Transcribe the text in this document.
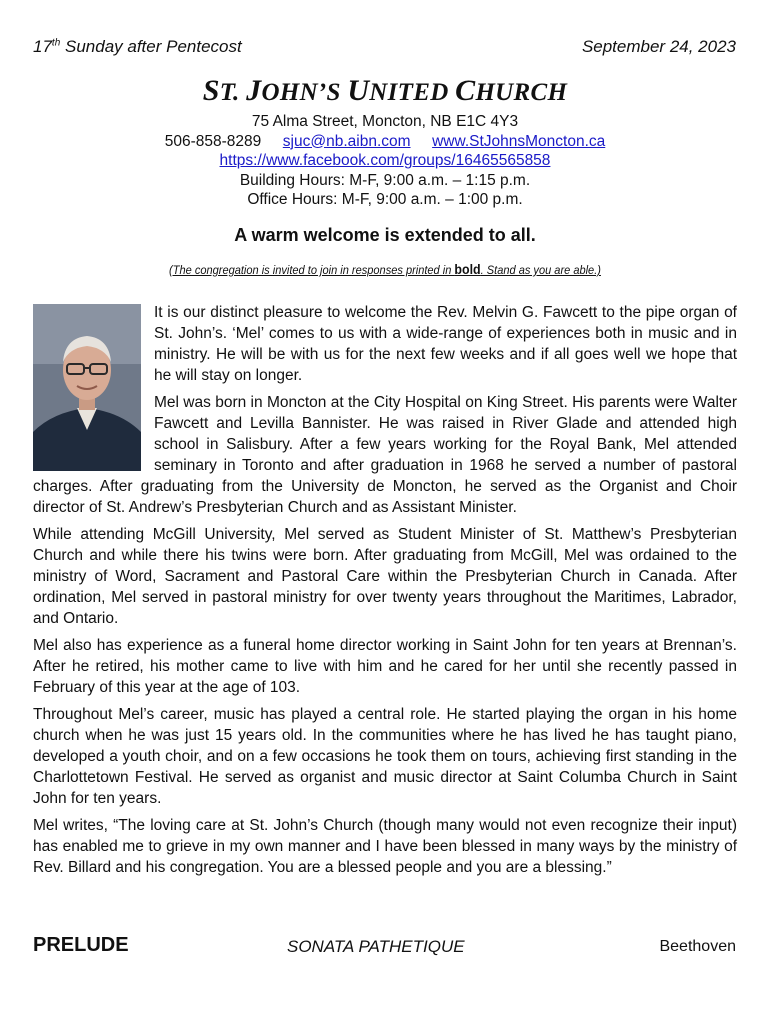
17th Sunday after Pentecost	September 24, 2023
ST. JOHN’S UNITED CHURCH
75 Alma Street, Moncton, NB E1C 4Y3
506-858-8289 sjuc@nb.aibn.com www.StJohnsMoncton.ca
https://www.facebook.com/groups/16465565858
Building Hours: M-F, 9:00 a.m. – 1:15 p.m.
Office Hours: M-F, 9:00 a.m. – 1:00 p.m.
A warm welcome is extended to all.
(The congregation is invited to join in responses printed in bold. Stand as you are able.)

It is our distinct pleasure to welcome the Rev. Melvin G. Fawcett to the pipe organ of St. John’s. ‘Mel’ comes to us with a wide-range of experiences both in music and in ministry. He will be with us for the next few weeks and if all goes well we hope that he will stay on longer.

Mel was born in Moncton at the City Hospital on King Street. His parents were Walter Fawcett and Levilla Bannister. He was raised in River Glade and attended high school in Salisbury. After a few years working for the Royal Bank, Mel attended seminary in Toronto and after graduation in 1968 he served a number of pastoral charges. After graduating from the University de Moncton, he served as the Organist and Choir director of St. Andrew’s Presbyterian Church and as Assistant Minister.

While attending McGill University, Mel served as Student Minister of St. Matthew’s Presbyterian Church and while there his twins were born. After graduating from McGill, Mel was ordained to the ministry of Word, Sacrament and Pastoral Care within the Presbyterian Church in Canada. After ordination, Mel served in pastoral ministry for over twenty years throughout the Maritimes, Labrador, and Ontario.

Mel also has experience as a funeral home director working in Saint John for ten years at Brennan’s. After he retired, his mother came to live with him and he cared for her until she recently passed in February of this year at the age of 103.

Throughout Mel’s career, music has played a central role. He started playing the organ in his home church when he was just 15 years old. In the communities where he has lived he has taught piano, developed a youth choir, and on a few occasions he took them on tours, achieving first standing in the Charlottetown Festival. He served as organist and music director at Saint Columba Church in Saint John for ten years.

Mel writes, “The loving care at St. John’s Church (though many would not even recognize their input) has enabled me to grieve in my own manner and I have been blessed in many ways by the ministry of Rev. Billard and his congregation. You are a blessed people and you are a blessing.”

PRELUDE	SONATA PATHETIQUE	Beethoven
